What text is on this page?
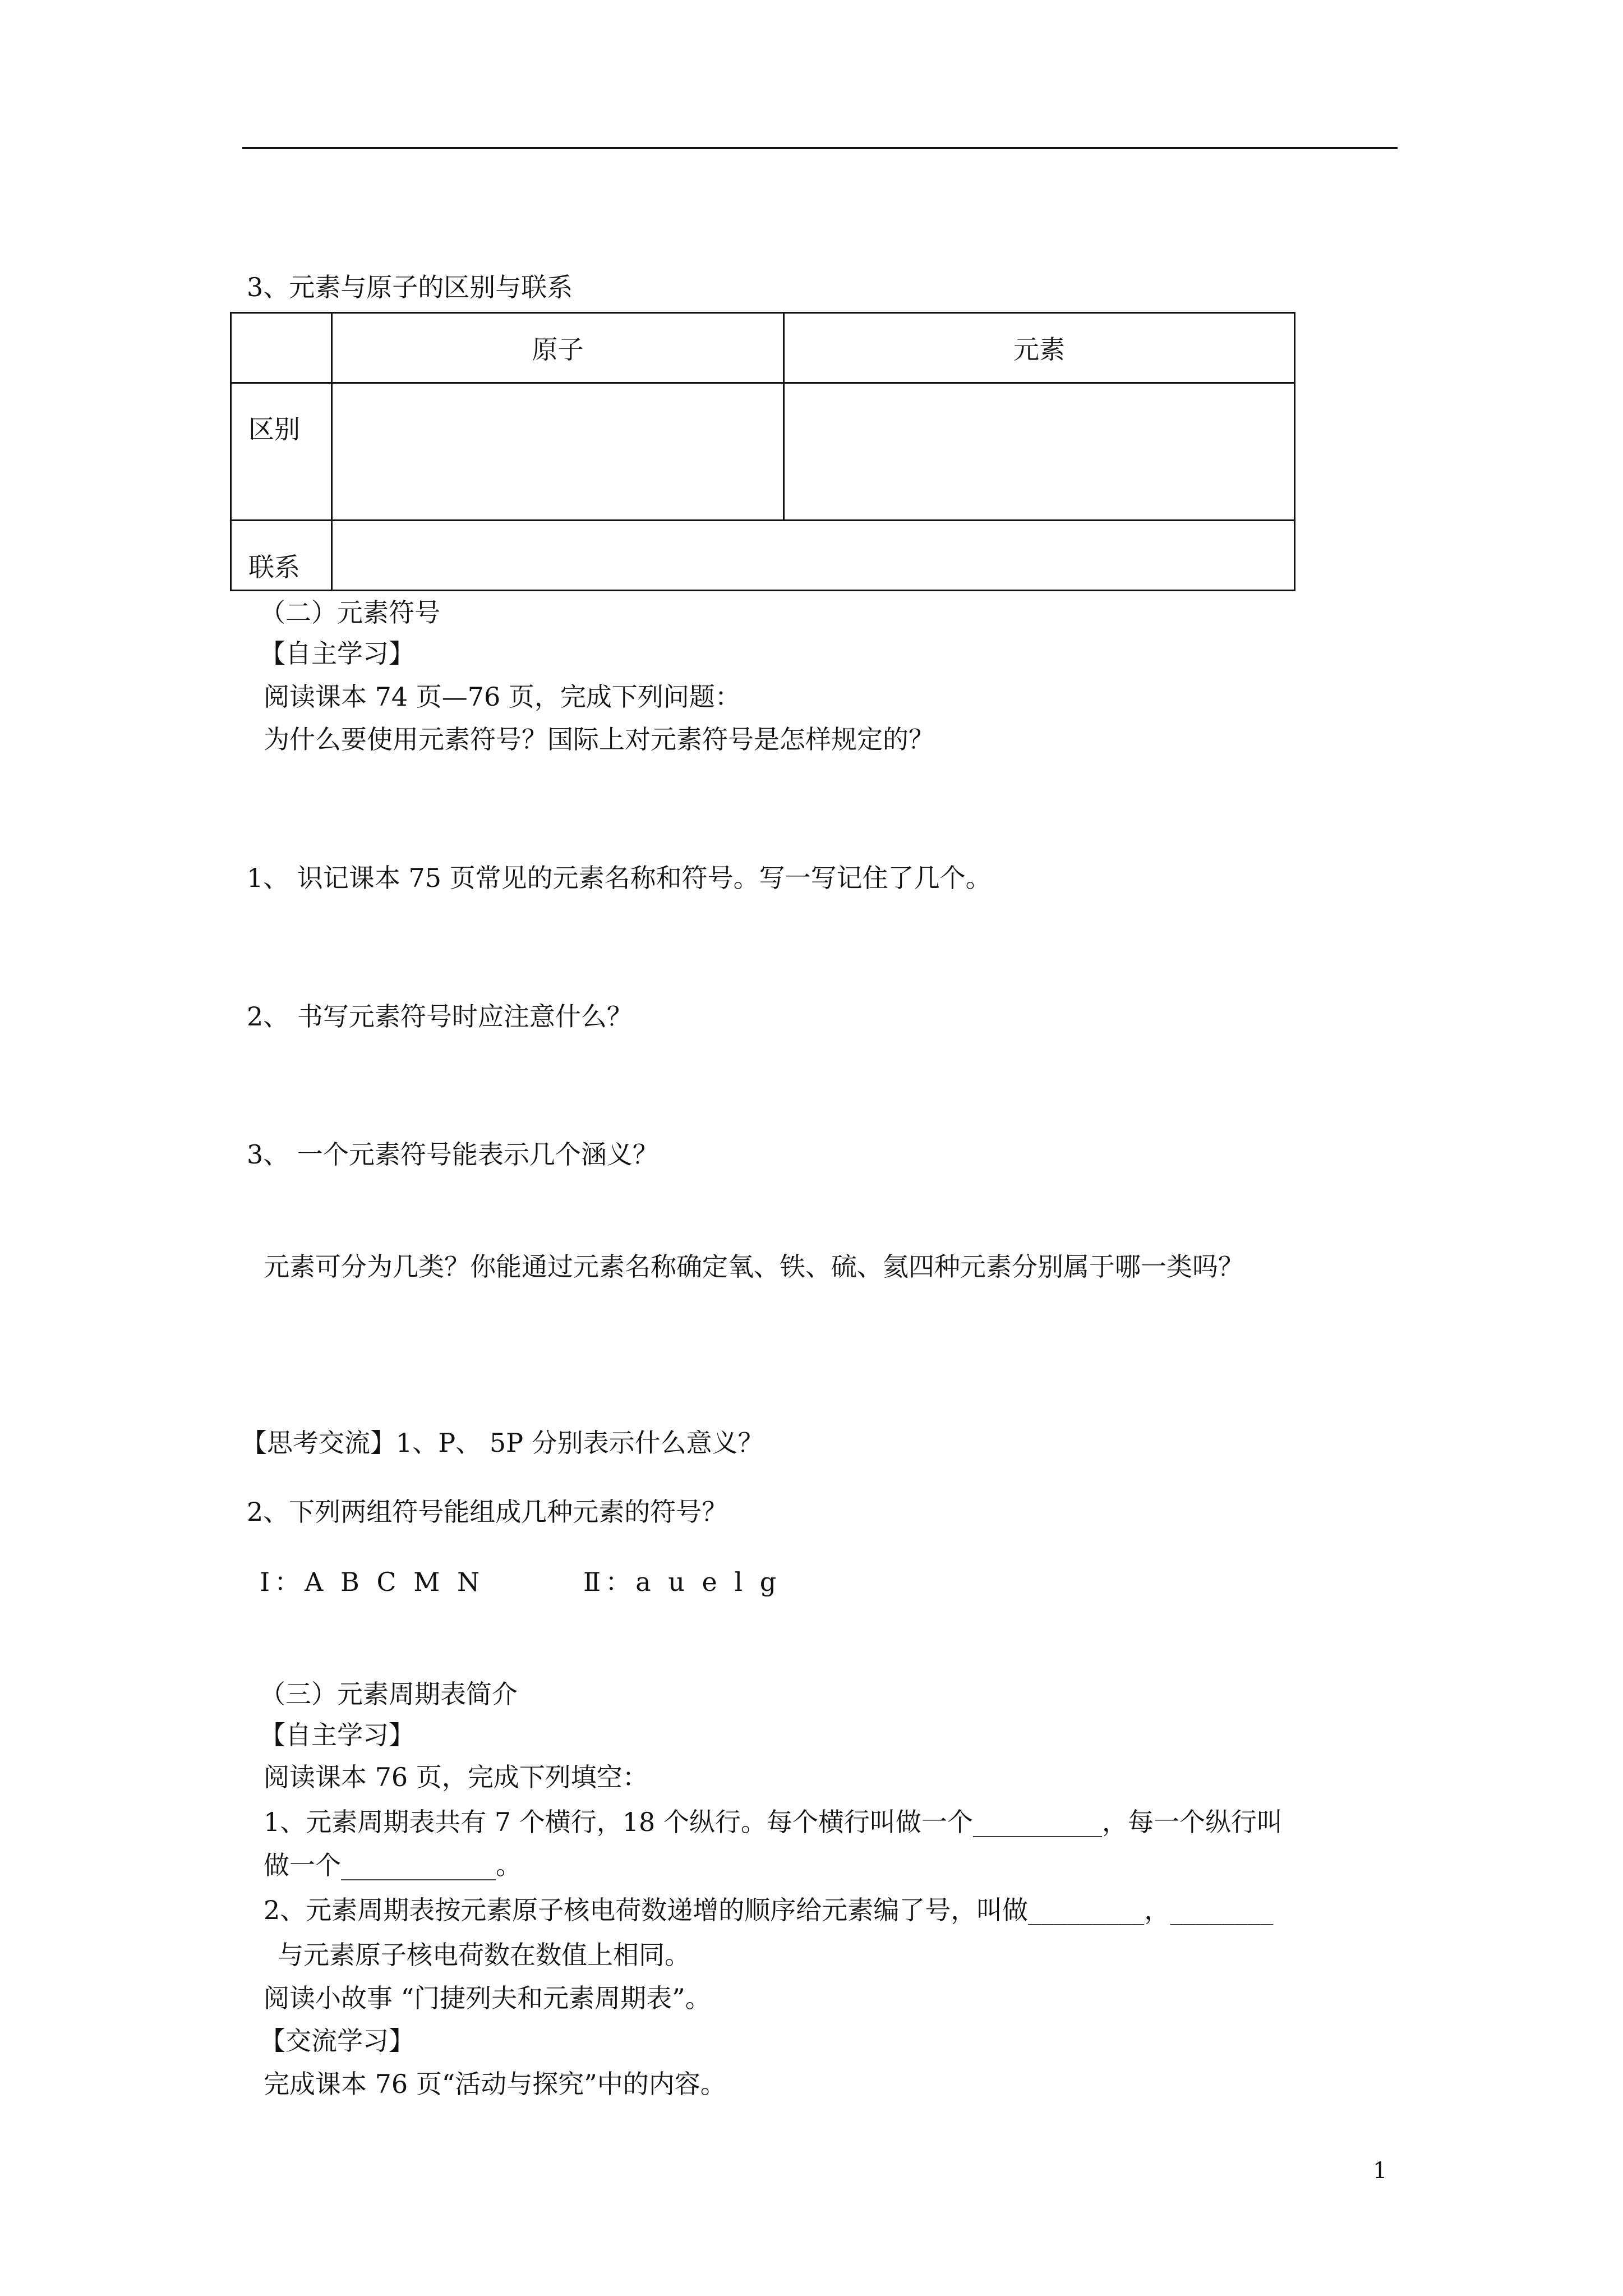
3、元素与原子的区别与联系
	原子	元素
区别		
联系		
（二）元素符号
【自主学习】
阅读课本 74 页—76 页，完成下列问题：
为什么要使用元素符号？国际上对元素符号是怎样规定的？
1、 识记课本 75 页常见的元素名称和符号。写一写记住了几个。
2、 书写元素符号时应注意什么？
3、 一个元素符号能表示几个涵义？
元素可分为几类？你能通过元素名称确定氧、铁、硫、氦四种元素分别属于哪一类吗？
【思考交流】1、P、 5P 分别表示什么意义？
2、下列两组符号能组成几种元素的符号？
Ⅰ：A B C M N	Ⅱ：a u e l g
（三）元素周期表简介
【自主学习】
阅读课本 76 页，完成下列填空：
1、元素周期表共有 7 个横行，18 个纵行。每个横行叫做一个__________，每一个纵行叫
做一个____________。
2、元素周期表按元素原子核电荷数递增的顺序给元素编了号，叫做_________，________
与元素原子核电荷数在数值上相同。
阅读小故事 “门捷列夫和元素周期表”。
【交流学习】
完成课本 76 页“活动与探究”中的内容。
1
